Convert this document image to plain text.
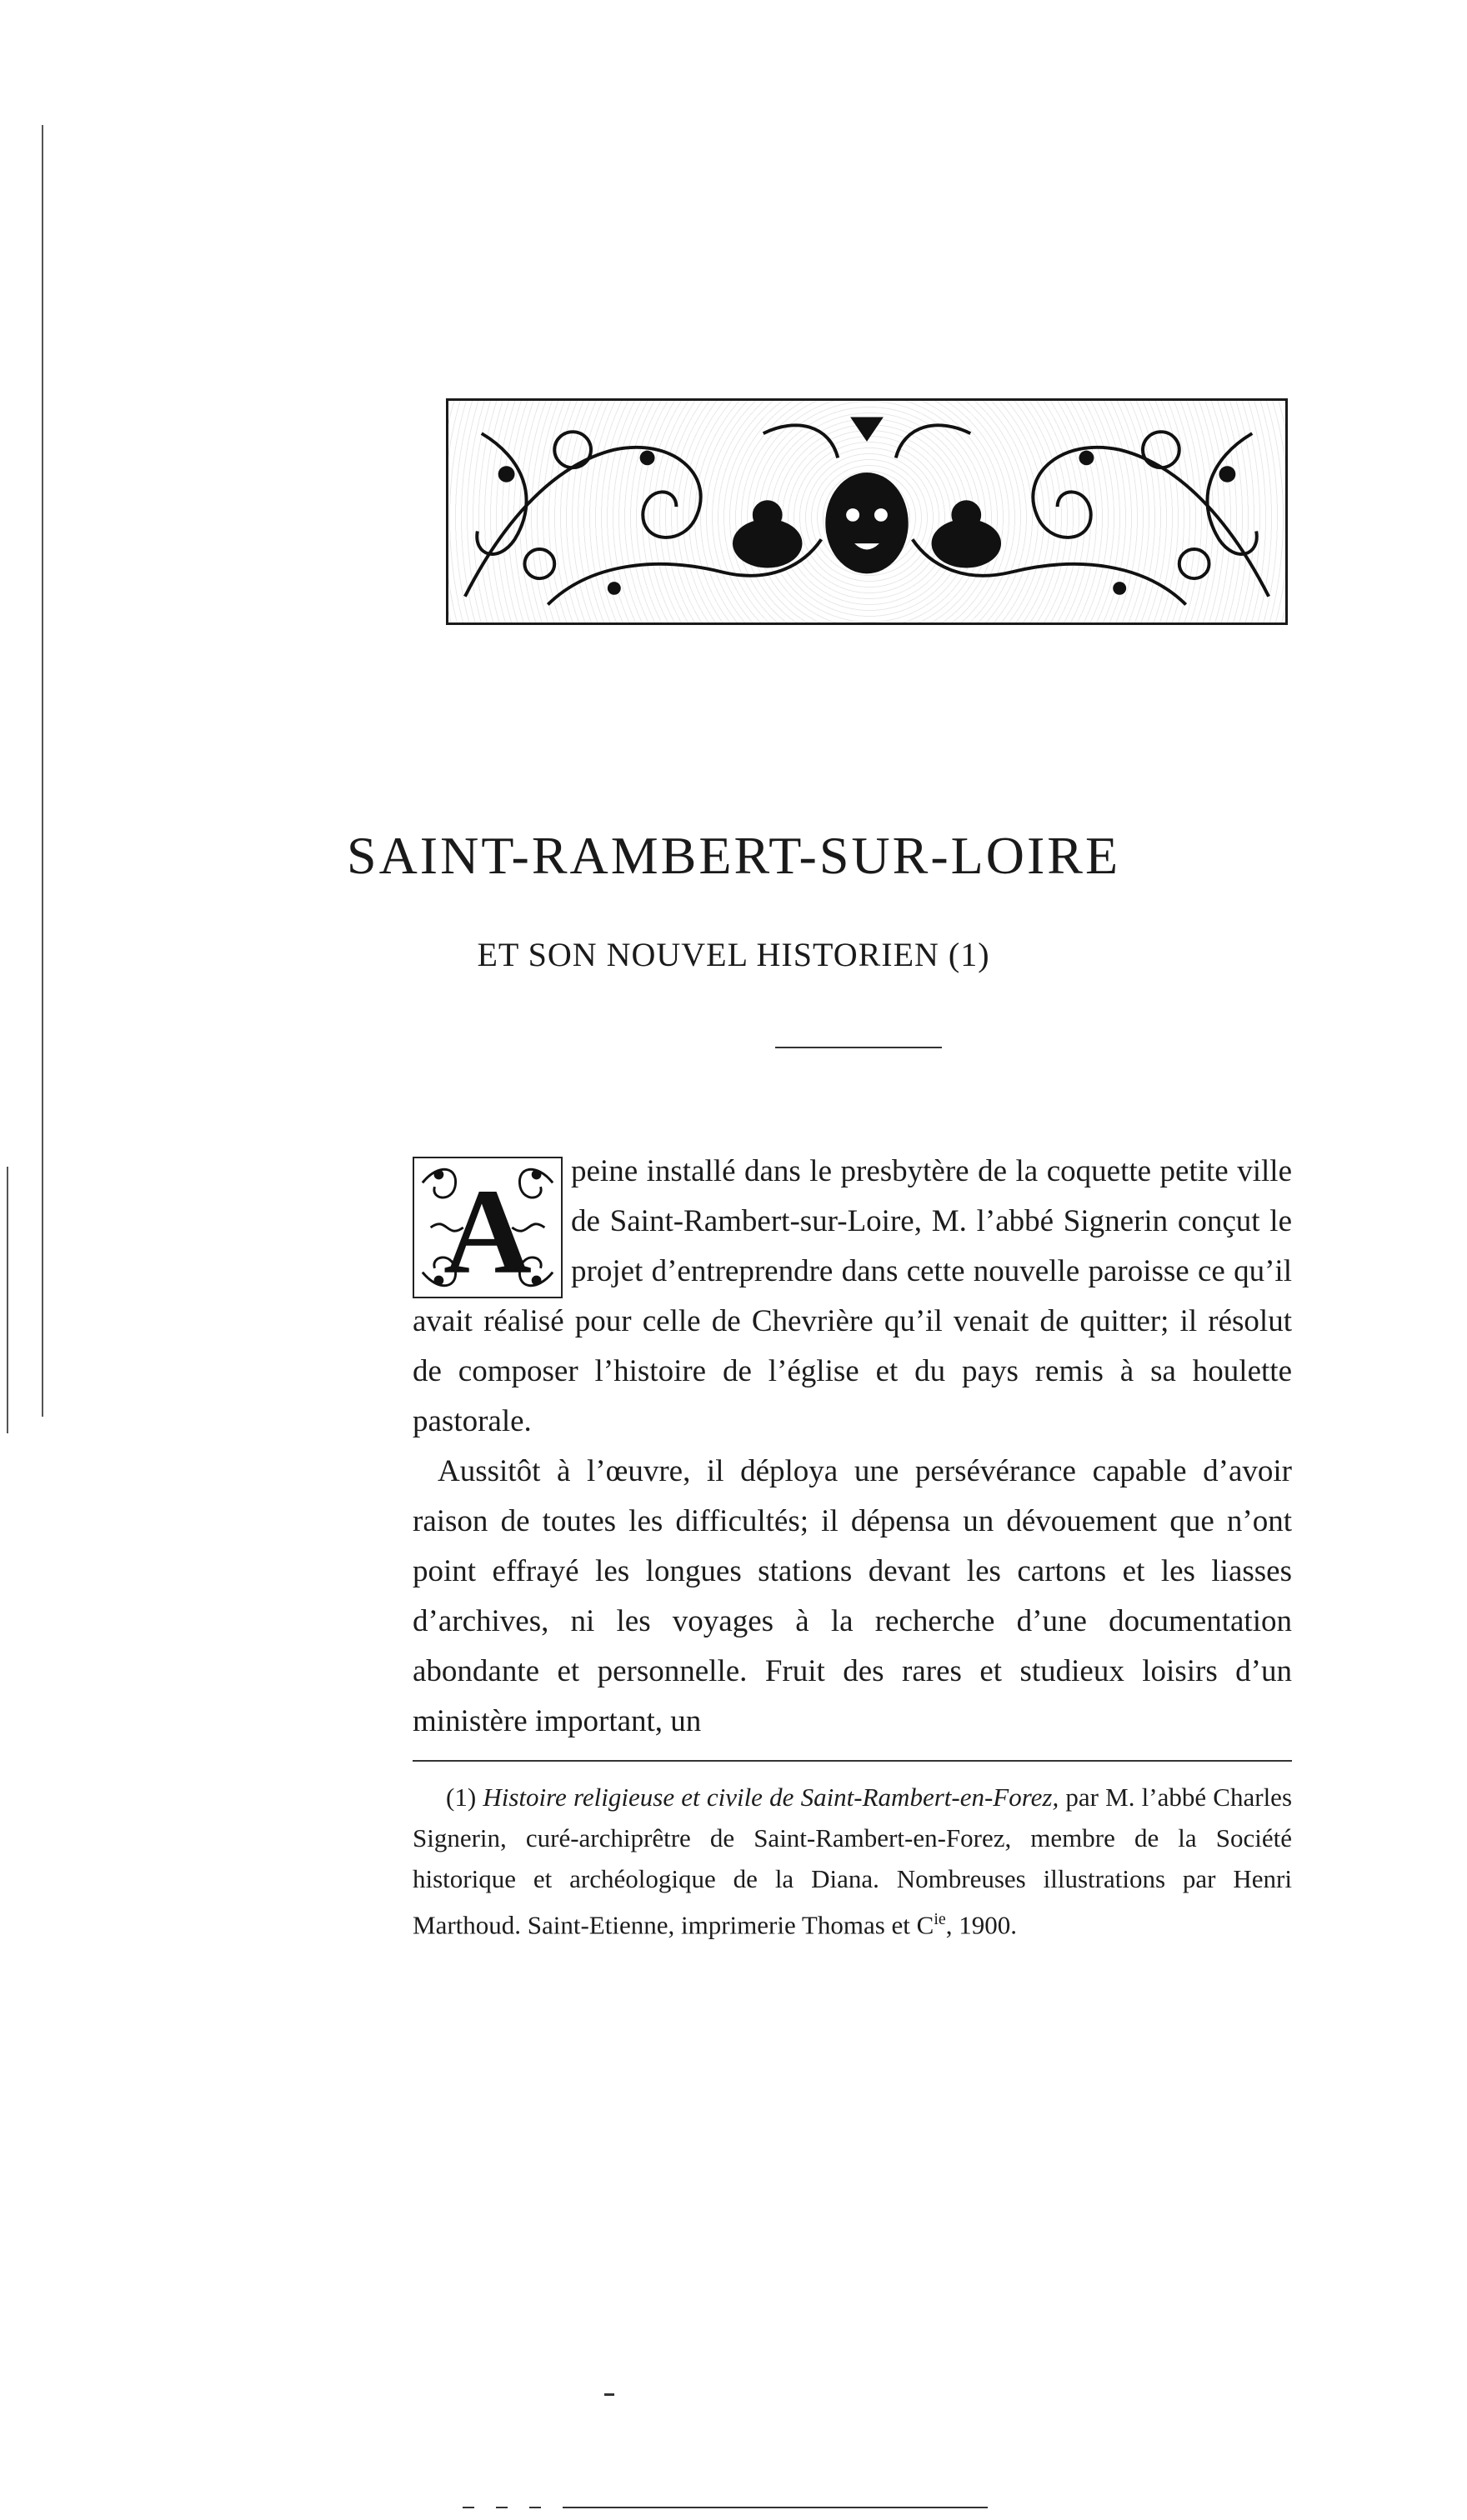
SAINT-RAMBERT-SUR-LOIRE
ET SON NOUVEL HISTORIEN (1)
A	peine installé dans le presbytère de la coquette petite ville de Saint-Rambert-sur-Loire, M. l’abbé Signerin conçut le projet d’entreprendre dans cette nouvelle paroisse ce qu’il avait réalisé pour celle de Chevrière qu’il venait de quitter; il résolut de composer l’histoire de l’église et du pays remis à sa houlette pastorale.

Aussitôt à l’œuvre, il déploya une persévérance capable d’avoir raison de toutes les difficultés; il dépensa un dévouement que n’ont point effrayé les longues stations devant les cartons et les liasses d’archives, ni les voyages à la recherche d’une documentation abondante et personnelle. Fruit des rares et studieux loisirs d’un ministère important, un

(1) Histoire religieuse et civile de Saint-Rambert-en-Forez, par M. l’abbé Charles Signerin, curé-archiprêtre de Saint-Rambert-en-Forez, membre de la Société historique et archéologique de la Diana. Nombreuses illustrations par Henri Marthoud. Saint-Etienne, imprimerie Thomas et $C^{ie}$, 1900.
